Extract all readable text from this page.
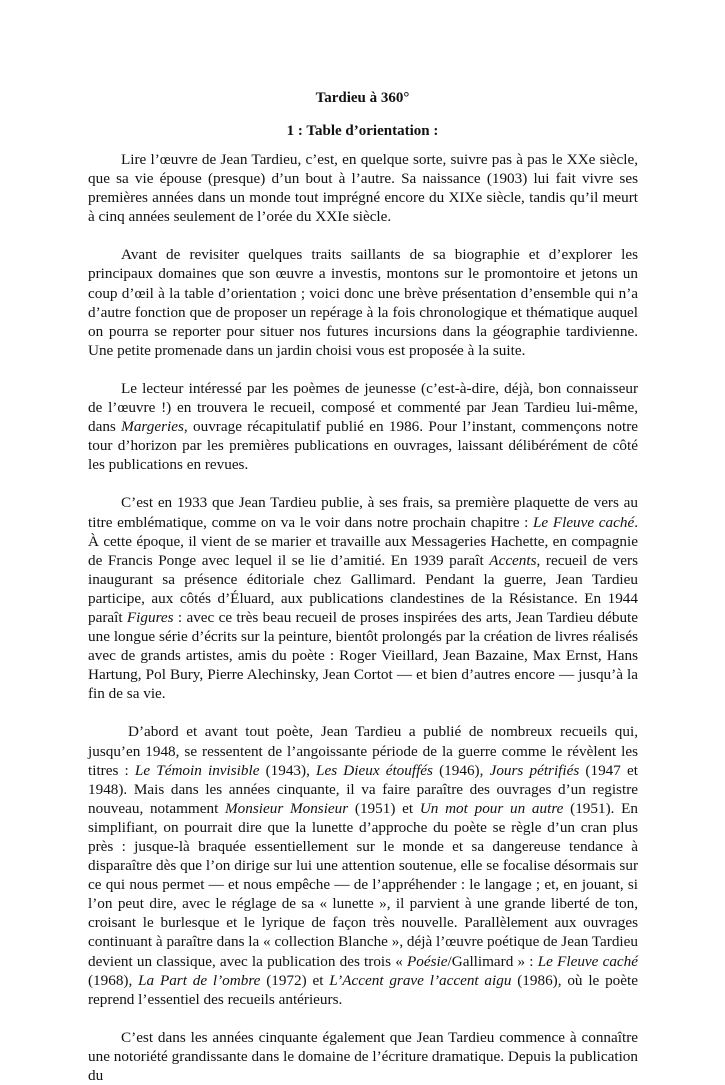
Tardieu à 360°
1 : Table d’orientation :

Lire l’œuvre de Jean Tardieu, c’est, en quelque sorte, suivre pas à pas le XXe siècle, que sa vie épouse (presque) d’un bout à l’autre. Sa naissance (1903) lui fait vivre ses premières années dans un monde tout imprégné encore du XIXe siècle, tandis qu’il meurt à cinq années seulement de l’orée du XXIe siècle.

Avant de revisiter quelques traits saillants de sa biographie et d’explorer les principaux domaines que son œuvre a investis, montons sur le promontoire et jetons un coup d’œil à la table d’orientation ; voici donc une brève présentation d’ensemble qui n’a d’autre fonction que de proposer un repérage à la fois chronologique et thématique auquel on pourra se reporter pour situer nos futures incursions dans la géographie tardivienne. Une petite promenade dans un jardin choisi vous est proposée à la suite.

Le lecteur intéressé par les poèmes de jeunesse (c’est-à-dire, déjà, bon connaisseur de l’œuvre !) en trouvera le recueil, composé et commenté par Jean Tardieu lui-même, dans Margeries, ouvrage récapitulatif publié en 1986. Pour l’instant, commençons notre tour d’horizon par les premières publications en ouvrages, laissant délibérément de côté les publications en revues.

C’est en 1933 que Jean Tardieu publie, à ses frais, sa première plaquette de vers au titre emblématique, comme on va le voir dans notre prochain chapitre : Le Fleuve caché. À cette époque, il vient de se marier et travaille aux Messageries Hachette, en compagnie de Francis Ponge avec lequel il se lie d’amitié. En 1939 paraît Accents, recueil de vers inaugurant sa présence éditoriale chez Gallimard. Pendant la guerre, Jean Tardieu participe, aux côtés d’Éluard, aux publications clandestines de la Résistance. En 1944 paraît Figures : avec ce très beau recueil de proses inspirées des arts, Jean Tardieu débute une longue série d’écrits sur la peinture, bientôt prolongés par la création de livres réalisés avec de grands artistes, amis du poète : Roger Vieillard, Jean Bazaine, Max Ernst, Hans Hartung, Pol Bury, Pierre Alechinsky, Jean Cortot — et bien d’autres encore — jusqu’à la fin de sa vie.

D’abord et avant tout poète, Jean Tardieu a publié de nombreux recueils qui, jusqu’en 1948, se ressentent de l’angoissante période de la guerre comme le révèlent les titres : Le Témoin invisible (1943), Les Dieux étouffés (1946), Jours pétrifiés (1947 et 1948). Mais dans les années cinquante, il va faire paraître des ouvrages d’un registre nouveau, notamment Monsieur Monsieur (1951) et Un mot pour un autre (1951). En simplifiant, on pourrait dire que la lunette d’approche du poète se règle d’un cran plus près : jusque-là braquée essentiellement sur le monde et sa dangereuse tendance à disparaître dès que l’on dirige sur lui une attention soutenue, elle se focalise désormais sur ce qui nous permet — et nous empêche — de l’appréhender : le langage ; et, en jouant, si l’on peut dire, avec le réglage de sa « lunette », il parvient à une grande liberté de ton, croisant le burlesque et le lyrique de façon très nouvelle. Parallèlement aux ouvrages continuant à paraître dans la « collection Blanche », déjà l’œuvre poétique de Jean Tardieu devient un classique, avec la publication des trois « Poésie/Gallimard » : Le Fleuve caché (1968), La Part de l’ombre (1972) et L’Accent grave l’accent aigu (1986), où le poète reprend l’essentiel des recueils antérieurs.

C’est dans les années cinquante également que Jean Tardieu commence à connaître une notoriété grandissante dans le domaine de l’écriture dramatique. Depuis la publication du
